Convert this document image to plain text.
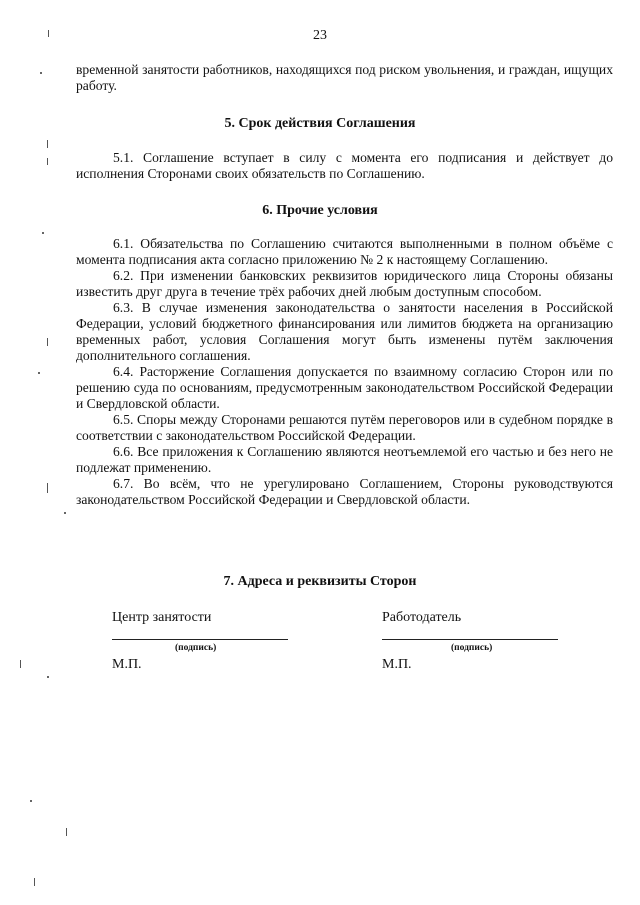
23

временной занятости работников, находящихся под риском увольнения, и граждан, ищущих работу.

5. Срок действия Соглашения

5.1. Соглашение вступает в силу с момента его подписания и действует до исполнения Сторонами своих обязательств по Соглашению.

6. Прочие условия

6.1. Обязательства по Соглашению считаются выполненными в полном объёме с момента подписания акта согласно приложению № 2 к настоящему Соглашению.

6.2. При изменении банковских реквизитов юридического лица Стороны обязаны известить друг друга в течение трёх рабочих дней любым доступным способом.

6.3. В случае изменения законодательства о занятости населения в Российской Федерации, условий бюджетного финансирования или лимитов бюджета на организацию временных работ, условия Соглашения могут быть изменены путём заключения дополнительного соглашения.

6.4. Расторжение Соглашения допускается по взаимному согласию Сторон или по решению суда по основаниям, предусмотренным законодательством Российской Федерации и Свердловской области.

6.5. Споры между Сторонами решаются путём переговоров или в судебном порядке в соответствии с законодательством Российской Федерации.

6.6. Все приложения к Соглашению являются неотъемлемой его частью и без него не подлежат применению.

6.7. Во всём, что не урегулировано Соглашением, Стороны руководствуются законодательством Российской Федерации и Свердловской области.

7. Адреса и реквизиты Сторон
Центр занятости
(подпись)
М.П.
Работодатель
(подпись)
М.П.
